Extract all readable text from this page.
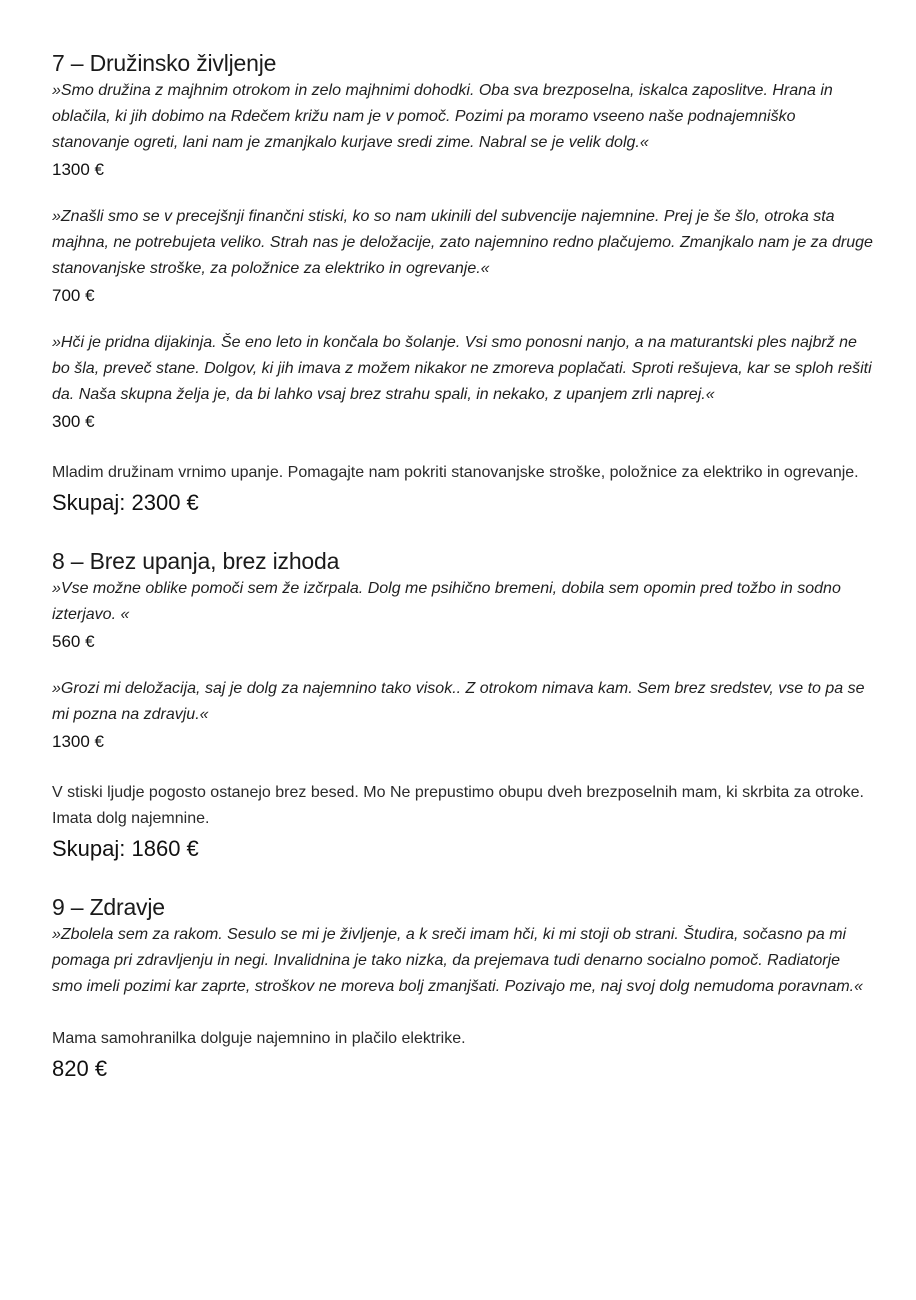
7 – Družinsko življenje

»Smo družina z majhnim otrokom in zelo majhnimi dohodki. Oba sva brezposelna, iskalca zaposlitve. Hrana in oblačila, ki jih dobimo na Rdečem križu nam je v pomoč. Pozimi pa moramo vseeno naše podnajemniško stanovanje ogreti, lani nam je zmanjkalo kurjave sredi zime. Nabral se je velik dolg.«

1300 €

»Znašli smo se v precejšnji finančni stiski, ko so nam ukinili del subvencije najemnine. Prej je še šlo, otroka sta majhna, ne potrebujeta veliko. Strah nas je deložacije, zato najemnino redno plačujemo. Zmanjkalo nam je za druge stanovanjske stroške, za položnice za elektriko in ogrevanje.«

700 €

»Hči je pridna dijakinja. Še eno leto in končala bo šolanje. Vsi smo ponosni nanjo, a na maturantski ples najbrž ne bo šla, preveč stane. Dolgov, ki jih imava z možem nikakor ne zmoreva poplačati. Sproti rešujeva, kar se sploh rešiti da. Naša skupna želja je, da bi lahko vsaj brez strahu spali, in nekako, z upanjem zrli naprej.«

300 €

Mladim družinam vrnimo upanje. Pomagajte nam pokriti stanovanjske stroške, položnice za elektriko in ogrevanje.

Skupaj: 2300 €

8 – Brez upanja, brez izhoda

»Vse možne oblike pomoči sem že izčrpala. Dolg me psihično bremeni, dobila sem opomin pred tožbo in sodno izterjavo. «

560 €

»Grozi mi deložacija, saj je dolg za najemnino tako visok.. Z otrokom nimava kam. Sem brez sredstev, vse to pa se mi pozna na zdravju.«

1300 €

V stiski ljudje pogosto ostanejo brez besed. Mo Ne prepustimo obupu dveh brezposelnih mam, ki skrbita za otroke. Imata dolg najemnine.

Skupaj: 1860 €

9 – Zdravje

»Zbolela sem za rakom. Sesulo se mi je življenje, a k sreči imam hči, ki mi stoji ob strani. Študira, sočasno pa mi pomaga pri zdravljenju in negi. Invalidnina je tako nizka, da prejemava tudi denarno socialno pomoč. Radiatorje smo imeli pozimi kar zaprte, stroškov ne moreva bolj zmanjšati. Pozivajo me, naj svoj dolg nemudoma poravnam.«

Mama samohranilka dolguje najemnino in plačilo elektrike.

820 €
